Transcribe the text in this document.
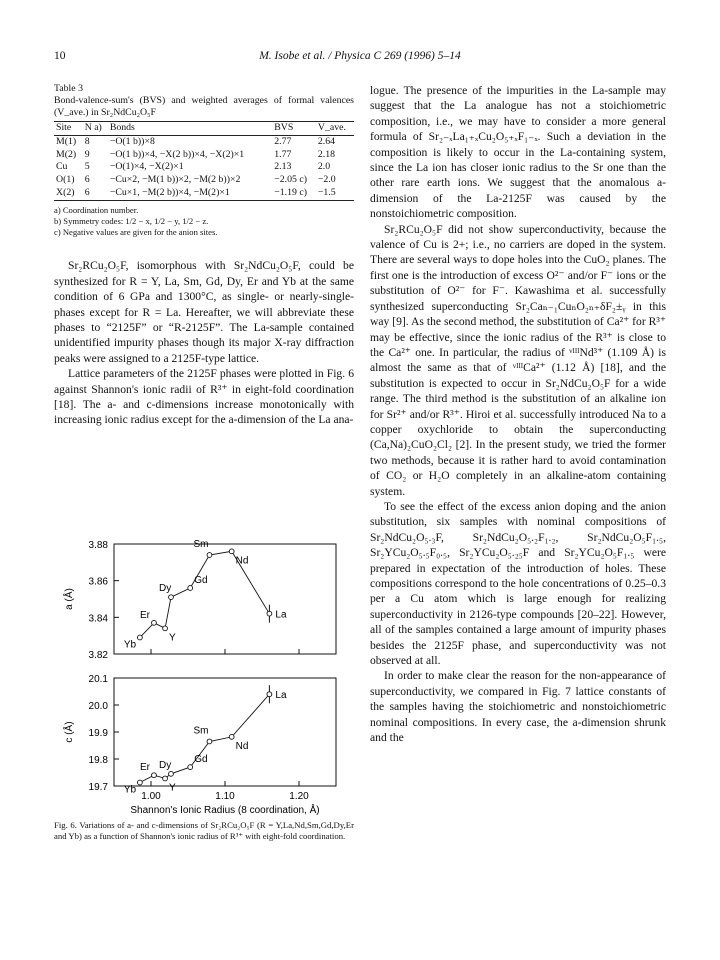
10	M. Isobe et al. / Physica C 269 (1996) 5–14
Table 3
Bond-valence-sum's (BVS) and weighted averages of formal valences (V_ave.) in Sr₂NdCu₂O₅F
Site	N a)	Bonds	BVS	V_ave.
M(1)	8	−O(1 b))×8	2.77	2.64
M(2)	9	−O(1 b))×4, −X(2 b))×4, −X(2)×1	1.77	2.18
Cu	5	−O(1)×4, −X(2)×1	2.13	2.0
O(1)	6	−Cu×2, −M(1 b))×2, −M(2 b))×2	−2.05 c)	−2.0
X(2)	6	−Cu×1, −M(2 b))×4, −M(2)×1	−1.19 c)	−1.5
a) Coordination number.
b) Symmetry codes: 1/2 − x, 1/2 − y, 1/2 − z.
c) Negative values are given for the anion sites.

Sr₂RCu₂O₅F, isomorphous with Sr₂NdCu₂O₅F, could be synthesized for R = Y, La, Sm, Gd, Dy, Er and Yb at the same condition of 6 GPa and 1300°C, as single- or nearly-single-phases except for R = La. Hereafter, we will abbreviate these phases to “2125F” or “R-2125F”. The La-sample contained unidentified impurity phases though its major X-ray diffraction peaks were assigned to a 2125F-type lattice.

Lattice parameters of the 2125F phases were plotted in Fig. 6 against Shannon's ionic radii of R³⁺ in eight-fold coordination [18]. The a- and c-dimensions increase monotonically with increasing ionic radius except for the a-dimension of the La ana-

3.88
3.86
3.84
3.82
a (Å)
Yb
Y
Er
Dy
Gd
Sm
Nd
La
20.1
20.0
19.9
19.8
19.7
c (Å)
1.00	1.10	1.20
Shannon's Ionic Radius (8 coordination, Å)
Yb	Y
Er Dy
Gd
Sm
Nd
La
Fig. 6. Variations of a- and c-dimensions of Sr₂RCu₂O₅F (R = Y,La,Nd,Sm,Gd,Dy,Er and Yb) as a function of Shannon's ionic radius of R³⁺ with eight-fold coordination.

logue. The presence of the impurities in the La-sample may suggest that the La analogue has not a stoichiometric composition, i.e., we may have to consider a more general formula of Sr₂₋ₓLa₁₊ₓCu₂O₅₊ₓF₁₋ₓ. Such a deviation in the composition is likely to occur in the La-containing system, since the La ion has closer ionic radius to the Sr one than the other rare earth ions. We suggest that the anomalous a-dimension of the La-2125F was caused by the nonstoichiometric composition.

Sr₂RCu₂O₅F did not show superconductivity, because the valence of Cu is 2+; i.e., no carriers are doped in the system. There are several ways to dope holes into the CuO₂ planes. The first one is the introduction of excess O²⁻ and/or F⁻ ions or the substitution of O²⁻ for F⁻. Kawashima et al. successfully synthesized superconducting Sr₂Caₙ₋₁CuₙO₂ₙ₊δF₂±ᵧ in this way [9]. As the second method, the substitution of Ca²⁺ for R³⁺ may be effective, since the ionic radius of the R³⁺ is close to the Ca²⁺ one. In particular, the radius of ᵛᴵᴵᴵNd³⁺ (1.109 Å) is almost the same as that of ᵛᴵᴵᴵCa²⁺ (1.12 Å) [18], and the substitution is expected to occur in Sr₂NdCu₂O₅F for a wide range. The third method is the substitution of an alkaline ion for Sr²⁺ and/or R³⁺. Hiroi et al. successfully introduced Na to a copper oxychloride to obtain the superconducting (Ca,Na)₂CuO₂Cl₂ [2]. In the present study, we tried the former two methods, because it is rather hard to avoid contamination of CO₂ or H₂O completely in an alkaline-atom containing system.

To see the effect of the excess anion doping and the anion substitution, six samples with nominal compositions of Sr₂NdCu₂O₅.₃F, Sr₂NdCu₂O₅.₂F₁.₂, Sr₂NdCu₂O₅F₁.₅, Sr₂YCu₂O₅.₅F₀.₅, Sr₂YCu₂O₅.₂₅F and Sr₂YCu₂O₅F₁.₅ were prepared in expectation of the introduction of holes. These compositions correspond to the hole concentrations of 0.25–0.3 per a Cu atom which is large enough for realizing superconductivity in 2126-type compounds [20–22]. However, all of the samples contained a large amount of impurity phases besides the 2125F phase, and superconductivity was not observed at all.

In order to make clear the reason for the non-appearance of superconductivity, we compared in Fig. 7 lattice constants of the samples having the stoichiometric and nonstoichiometric nominal compositions. In every case, the a-dimension shrunk and the
